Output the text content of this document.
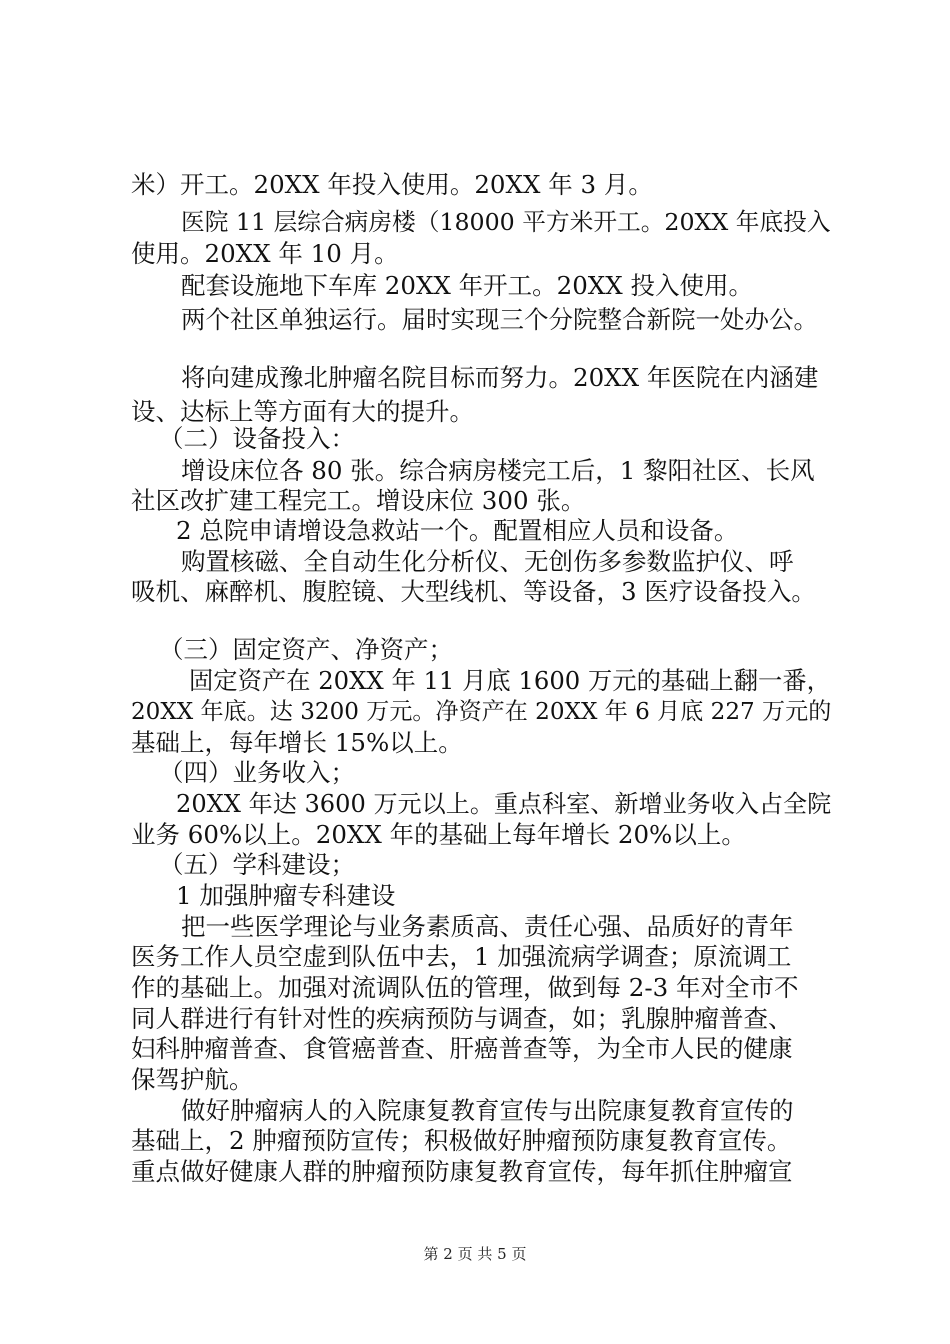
米）开工。20XX 年投入使用。20XX 年 3 月。
医院 11 层综合病房楼（18000 平方米开工。20XX 年底投入
使用。20XX 年 10 月。
配套设施地下车库 20XX 年开工。20XX 投入使用。
两个社区单独运行。届时实现三个分院整合新院一处办公。
将向建成豫北肿瘤名院目标而努力。20XX 年医院在内涵建
设、达标上等方面有大的提升。
（二）设备投入：
增设床位各 80 张。综合病房楼完工后，1 黎阳社区、长风
社区改扩建工程完工。增设床位 300 张。
2 总院申请增设急救站一个。配置相应人员和设备。
购置核磁、全自动生化分析仪、无创伤多参数监护仪、呼
吸机、麻醉机、腹腔镜、大型线机、等设备，3 医疗设备投入。
（三）固定资产、净资产；
固定资产在 20XX 年 11 月底 1600 万元的基础上翻一番，
20XX 年底。达 3200 万元。净资产在 20XX 年 6 月底 227 万元的
基础上，每年增长 15%以上。
（四）业务收入；
20XX 年达 3600 万元以上。重点科室、新增业务收入占全院
业务 60%以上。20XX 年的基础上每年增长 20%以上。
（五）学科建设；
1 加强肿瘤专科建设
把一些医学理论与业务素质高、责任心强、品质好的青年
医务工作人员空虚到队伍中去，1 加强流病学调查；原流调工
作的基础上。加强对流调队伍的管理，做到每 2-3 年对全市不
同人群进行有针对性的疾病预防与调查，如；乳腺肿瘤普查、
妇科肿瘤普查、食管癌普查、肝癌普查等，为全市人民的健康
保驾护航。
做好肿瘤病人的入院康复教育宣传与出院康复教育宣传的
基础上，2 肿瘤预防宣传；积极做好肿瘤预防康复教育宣传。
重点做好健康人群的肿瘤预防康复教育宣传，每年抓住肿瘤宣
第 2 页 共 5 页
